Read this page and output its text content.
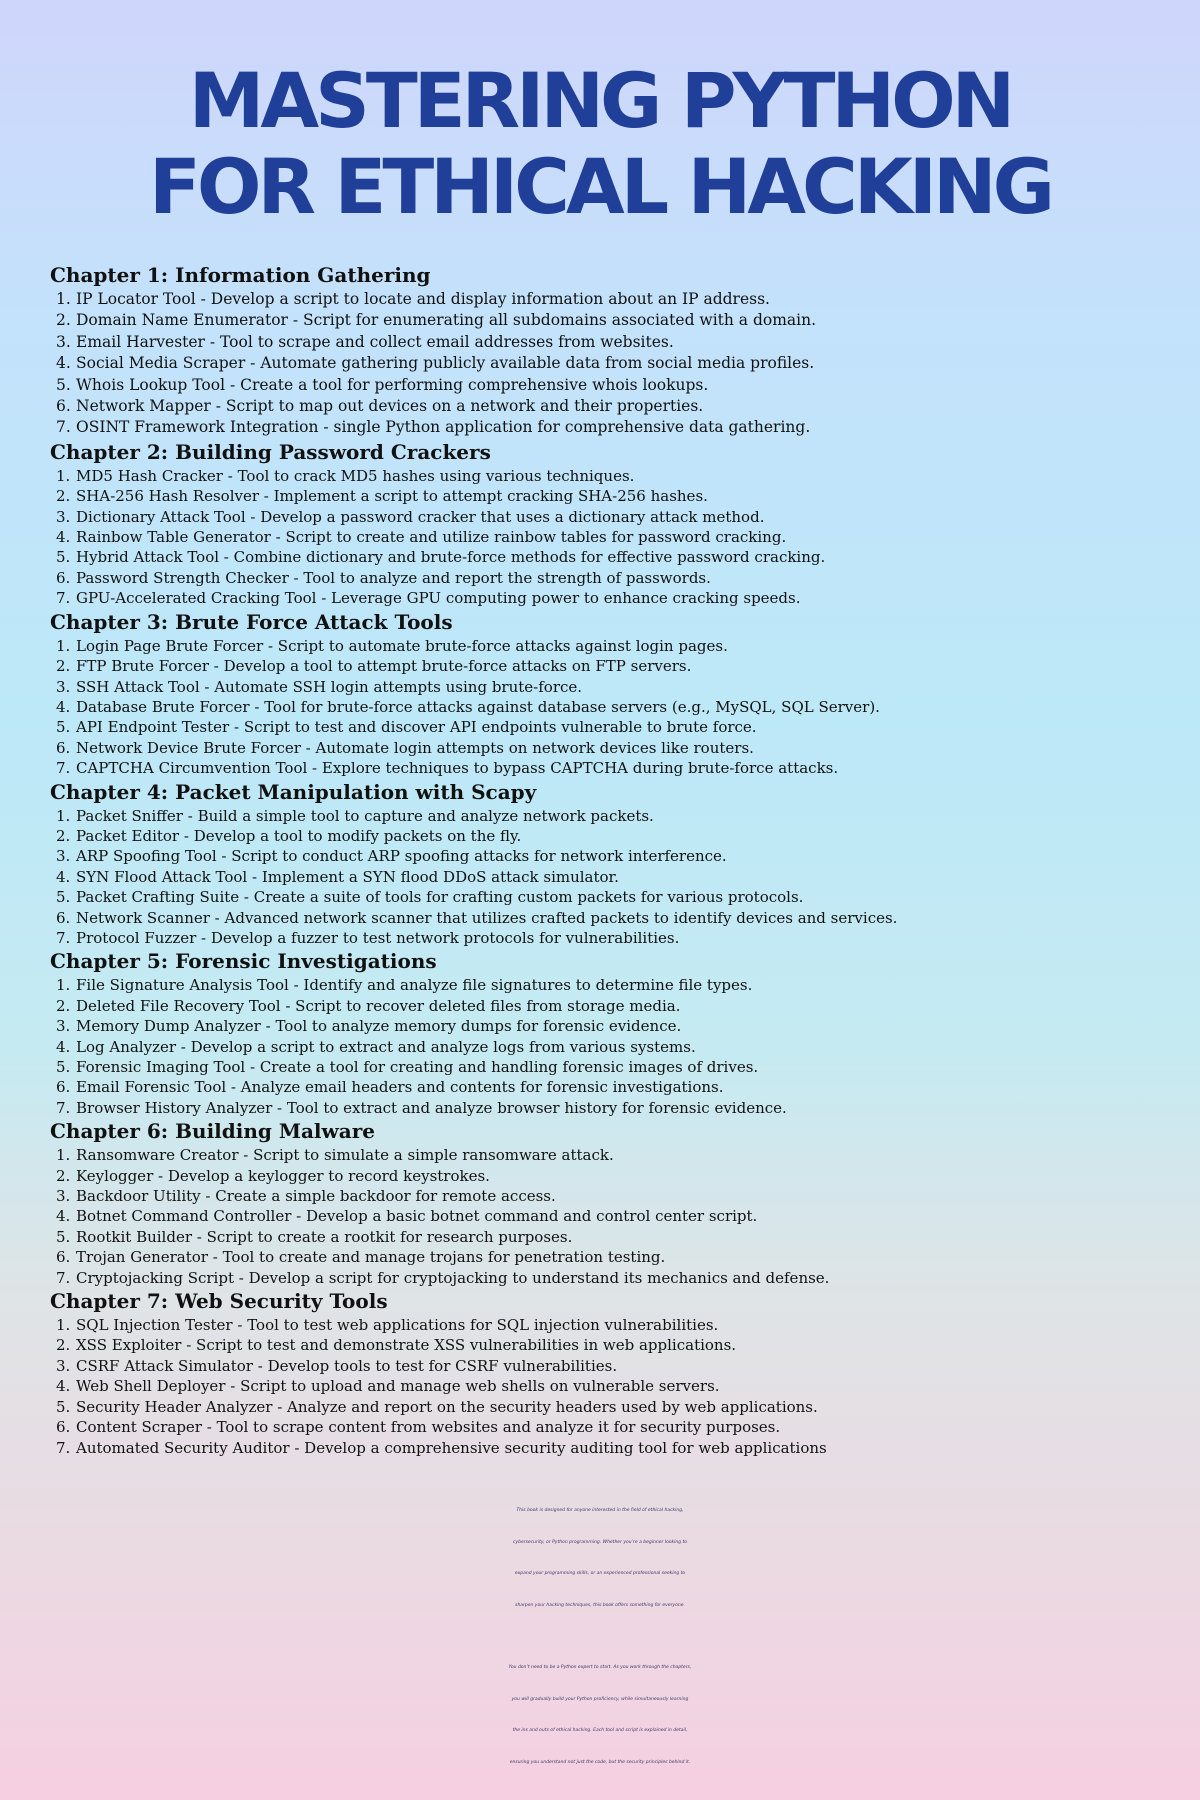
MASTERING PYTHON
FOR ETHICAL HACKING
Chapter 1: Information Gathering
1. IP Locator Tool - Develop a script to locate and display information about an IP address.
2. Domain Name Enumerator - Script for enumerating all subdomains associated with a domain.
3. Email Harvester - Tool to scrape and collect email addresses from websites.
4. Social Media Scraper - Automate gathering publicly available data from social media profiles.
5. Whois Lookup Tool - Create a tool for performing comprehensive whois lookups.
6. Network Mapper - Script to map out devices on a network and their properties.
7. OSINT Framework Integration - single Python application for comprehensive data gathering.
Chapter 2: Building Password Crackers
1. MD5 Hash Cracker - Tool to crack MD5 hashes using various techniques.
2. SHA-256 Hash Resolver - Implement a script to attempt cracking SHA-256 hashes.
3. Dictionary Attack Tool - Develop a password cracker that uses a dictionary attack method.
4. Rainbow Table Generator - Script to create and utilize rainbow tables for password cracking.
5. Hybrid Attack Tool - Combine dictionary and brute-force methods for effective password cracking.
6. Password Strength Checker - Tool to analyze and report the strength of passwords.
7. GPU-Accelerated Cracking Tool - Leverage GPU computing power to enhance cracking speeds.
Chapter 3: Brute Force Attack Tools
1. Login Page Brute Forcer - Script to automate brute-force attacks against login pages.
2. FTP Brute Forcer - Develop a tool to attempt brute-force attacks on FTP servers.
3. SSH Attack Tool - Automate SSH login attempts using brute-force.
4. Database Brute Forcer - Tool for brute-force attacks against database servers (e.g., MySQL, SQL Server).
5. API Endpoint Tester - Script to test and discover API endpoints vulnerable to brute force.
6. Network Device Brute Forcer - Automate login attempts on network devices like routers.
7. CAPTCHA Circumvention Tool - Explore techniques to bypass CAPTCHA during brute-force attacks.
Chapter 4: Packet Manipulation with Scapy
1. Packet Sniffer - Build a simple tool to capture and analyze network packets.
2. Packet Editor - Develop a tool to modify packets on the fly.
3. ARP Spoofing Tool - Script to conduct ARP spoofing attacks for network interference.
4. SYN Flood Attack Tool - Implement a SYN flood DDoS attack simulator.
5. Packet Crafting Suite - Create a suite of tools for crafting custom packets for various protocols.
6. Network Scanner - Advanced network scanner that utilizes crafted packets to identify devices and services.
7. Protocol Fuzzer - Develop a fuzzer to test network protocols for vulnerabilities.
Chapter 5: Forensic Investigations
1. File Signature Analysis Tool - Identify and analyze file signatures to determine file types.
2. Deleted File Recovery Tool - Script to recover deleted files from storage media.
3. Memory Dump Analyzer - Tool to analyze memory dumps for forensic evidence.
4. Log Analyzer - Develop a script to extract and analyze logs from various systems.
5. Forensic Imaging Tool - Create a tool for creating and handling forensic images of drives.
6. Email Forensic Tool - Analyze email headers and contents for forensic investigations.
7. Browser History Analyzer - Tool to extract and analyze browser history for forensic evidence.
Chapter 6: Building Malware
1. Ransomware Creator - Script to simulate a simple ransomware attack.
2. Keylogger - Develop a keylogger to record keystrokes.
3. Backdoor Utility - Create a simple backdoor for remote access.
4. Botnet Command Controller - Develop a basic botnet command and control center script.
5. Rootkit Builder - Script to create a rootkit for research purposes.
6. Trojan Generator - Tool to create and manage trojans for penetration testing.
7. Cryptojacking Script - Develop a script for cryptojacking to understand its mechanics and defense.
Chapter 7: Web Security Tools
1. SQL Injection Tester - Tool to test web applications for SQL injection vulnerabilities.
2. XSS Exploiter - Script to test and demonstrate XSS vulnerabilities in web applications.
3. CSRF Attack Simulator - Develop tools to test for CSRF vulnerabilities.
4. Web Shell Deployer - Script to upload and manage web shells on vulnerable servers.
5. Security Header Analyzer - Analyze and report on the security headers used by web applications.
6. Content Scraper - Tool to scrape content from websites and analyze it for security purposes.
7. Automated Security Auditor - Develop a comprehensive security auditing tool for web applications

This book is designed for anyone interested in the field of ethical hacking,
cybersecurity, or Python programming. Whether you’re a beginner looking to
expand your programming skills, or an experienced professional seeking to
sharpen your hacking techniques, this book offers something for everyone.

You don’t need to be a Python expert to start. As you work through the chapters,
you will gradually build your Python proficiency, while simultaneously learning
the ins and outs of ethical hacking. Each tool and script is explained in detail,
ensuring you understand not just the code, but the security principles behind it.
